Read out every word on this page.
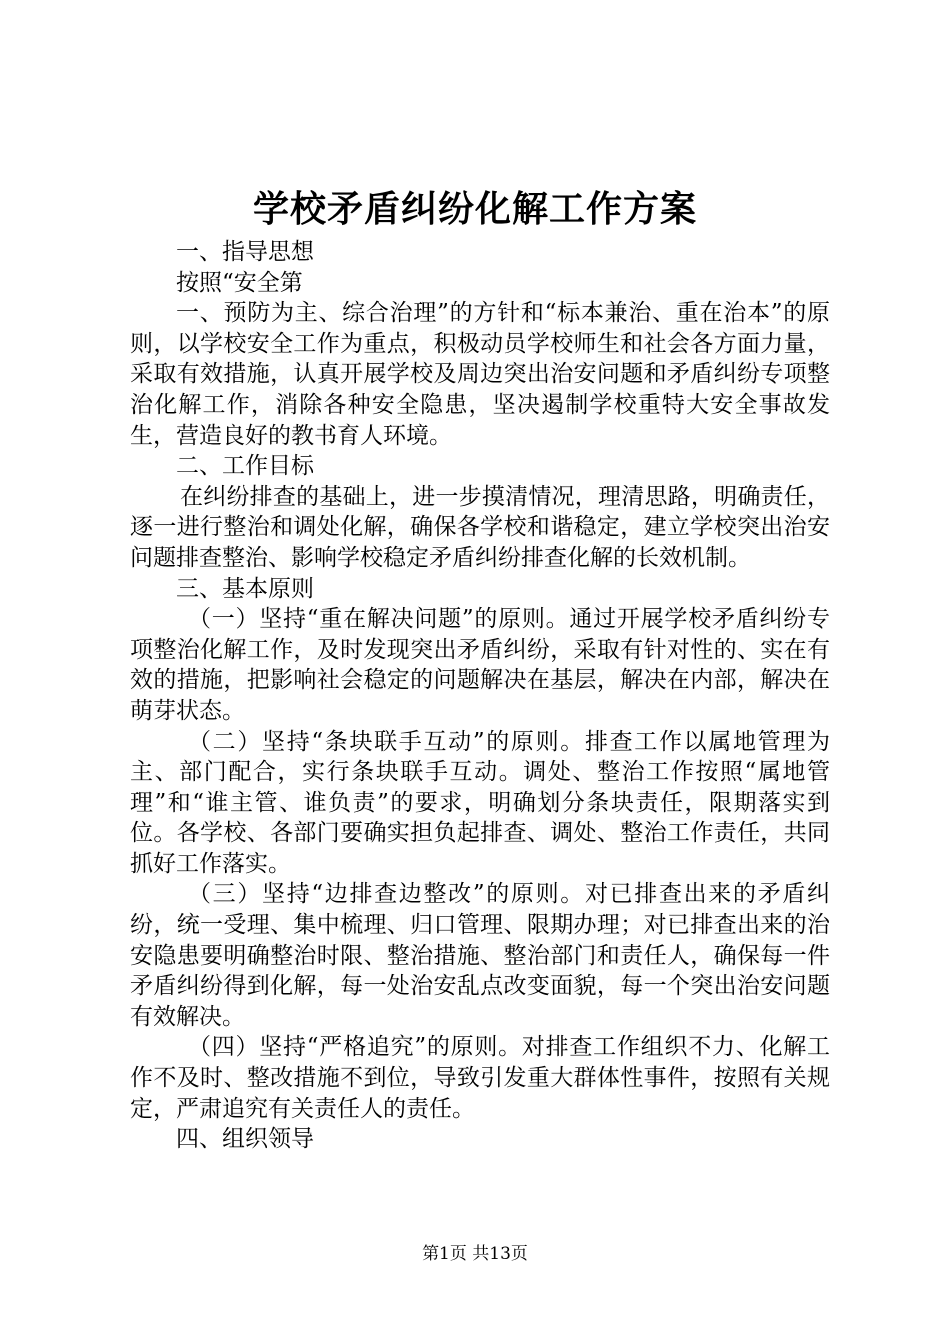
学校矛盾纠纷化解工作方案

一、指导思想

按照“安全第

一、预防为主、综合治理”的方针和“标本兼治、重在治本”的原则，以学校安全工作为重点，积极动员学校师生和社会各方面力量，采取有效措施，认真开展学校及周边突出治安问题和矛盾纠纷专项整治化解工作，消除各种安全隐患，坚决遏制学校重特大安全事故发生，营造良好的教书育人环境。

二、工作目标

在纠纷排查的基础上，进一步摸清情况，理清思路，明确责任，逐一进行整治和调处化解，确保各学校和谐稳定，建立学校突出治安问题排查整治、影响学校稳定矛盾纠纷排查化解的长效机制。

三、基本原则

（一）坚持“重在解决问题”的原则。通过开展学校矛盾纠纷专项整治化解工作，及时发现突出矛盾纠纷，采取有针对性的、实在有效的措施，把影响社会稳定的问题解决在基层，解决在内部，解决在萌芽状态。

（二）坚持“条块联手互动”的原则。排查工作以属地管理为主、部门配合，实行条块联手互动。调处、整治工作按照“属地管理”和“谁主管、谁负责”的要求，明确划分条块责任，限期落实到位。各学校、各部门要确实担负起排查、调处、整治工作责任，共同抓好工作落实。

（三）坚持“边排查边整改”的原则。对已排查出来的矛盾纠纷，统一受理、集中梳理、归口管理、限期办理；对已排查出来的治安隐患要明确整治时限、整治措施、整治部门和责任人，确保每一件矛盾纠纷得到化解，每一处治安乱点改变面貌，每一个突出治安问题有效解决。

（四）坚持“严格追究”的原则。对排查工作组织不力、化解工作不及时、整改措施不到位，导致引发重大群体性事件，按照有关规定，严肃追究有关责任人的责任。

四、组织领导

第1页 共13页
